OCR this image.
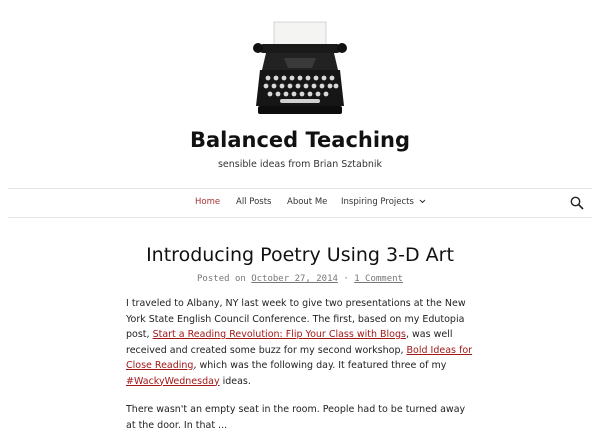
Balanced Teaching
sensible ideas from Brian Sztabnik
Home All Posts About Me Inspiring Projects
Introducing Poetry Using 3-D Art
Posted on October 27, 2014 · 1 Comment

I traveled to Albany, NY last week to give two presentations at the New York State English Council Conference. The first, based on my Edutopia post, Start a Reading Revolution: Flip Your Class with Blogs, was well received and created some buzz for my second workshop, Bold Ideas for Close Reading, which was the following day. It featured three of my #WackyWednesday ideas.

There wasn't an empty seat in the room. People had to be turned away at the door. In that ...
